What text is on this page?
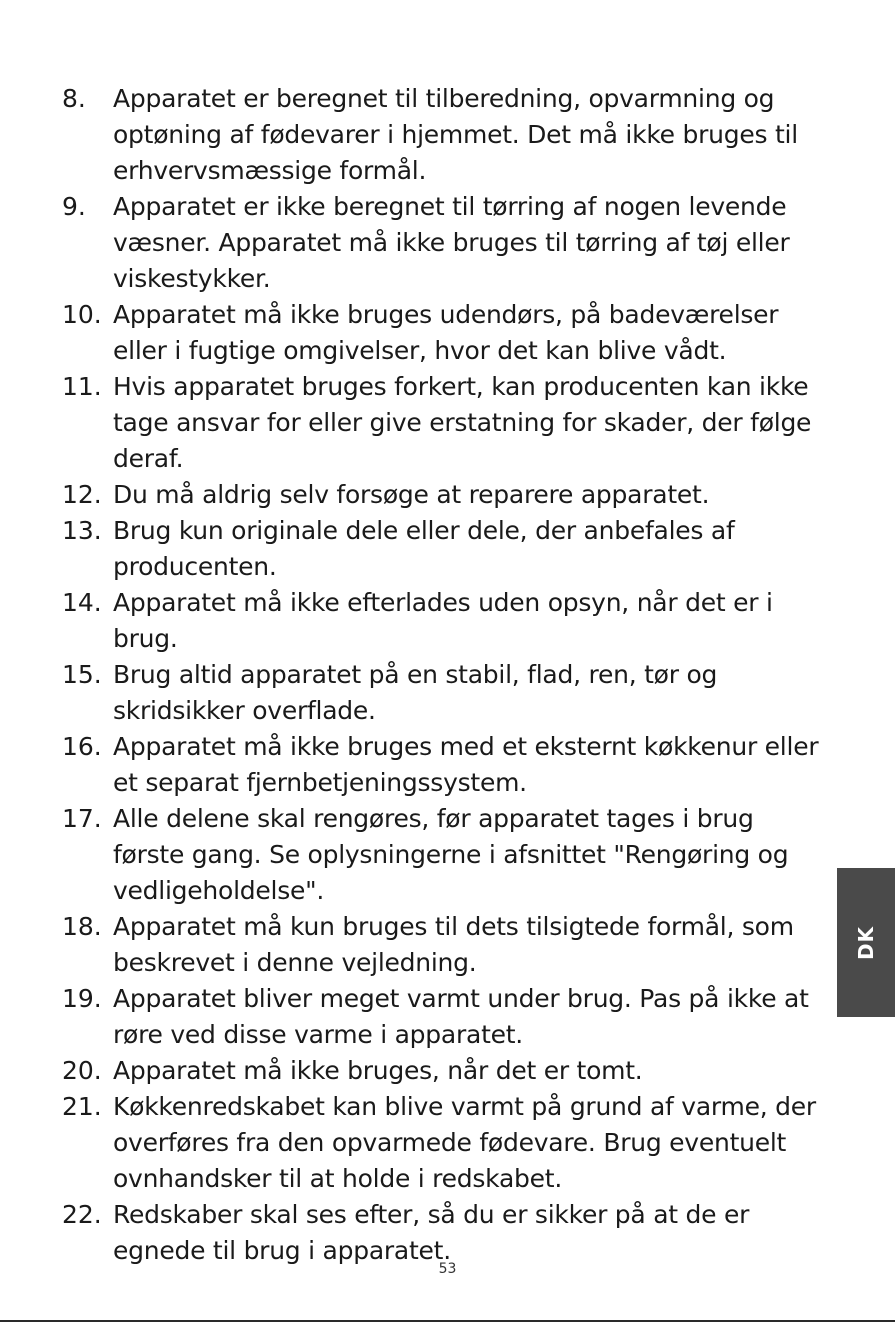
8.	Apparatet er beregnet til tilberedning, opvarmning og optøning af fødevarer i hjemmet. Det må ikke bruges til erhvervsmæssige formål.
9.	Apparatet er ikke beregnet til tørring af nogen levende væsner. Apparatet må ikke bruges til tørring af tøj eller viskestykker.
10. Apparatet må ikke bruges udendørs, på badeværelser eller i fugtige omgivelser, hvor det kan blive vådt.
11. Hvis apparatet bruges forkert, kan producenten kan ikke tage ansvar for eller give erstatning for skader, der følge deraf.
12. Du må aldrig selv forsøge at reparere apparatet.
13. Brug kun originale dele eller dele, der anbefales af producenten.
14. Apparatet må ikke efterlades uden opsyn, når det er i brug.
15. Brug altid apparatet på en stabil, flad, ren, tør og skridsikker overflade.
16. Apparatet må ikke bruges med et eksternt køkkenur eller et separat fjernbetjeningssystem.
17. Alle delene skal rengøres, før apparatet tages i brug første gang. Se oplysningerne i afsnittet "Rengøring og vedligeholdelse".
18. Apparatet må kun bruges til dets tilsigtede formål, som beskrevet i denne vejledning.
19. Apparatet bliver meget varmt under brug. Pas på ikke at røre ved disse varme i apparatet.
20. Apparatet må ikke bruges, når det er tomt.
21. Køkkenredskabet kan blive varmt på grund af varme, der overføres fra den opvarmede fødevare. Brug eventuelt ovnhandsker til at holde i redskabet.
22. Redskaber skal ses efter, så du er sikker på at de er egnede til brug i apparatet.
DK
53
